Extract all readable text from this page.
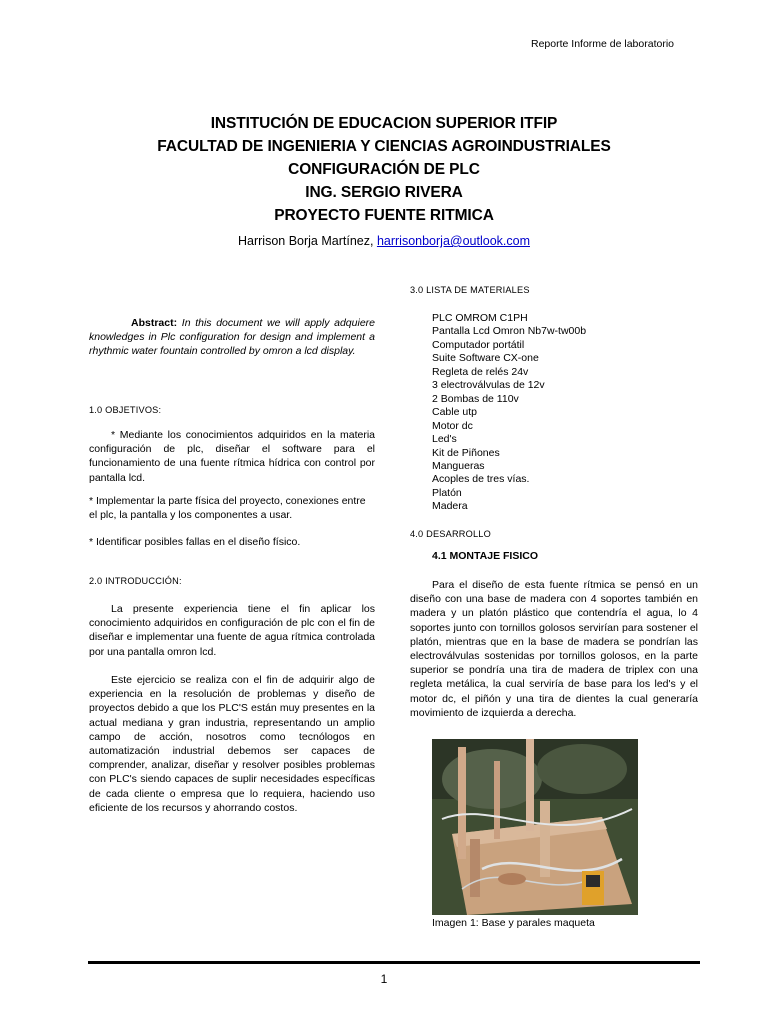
Reporte Informe de laboratorio
INSTITUCIÓN DE EDUCACION SUPERIOR ITFIP
FACULTAD DE INGENIERIA Y CIENCIAS AGROINDUSTRIALES
CONFIGURACIÓN DE PLC
ING. SERGIO RIVERA
PROYECTO FUENTE RITMICA
Harrison Borja Martínez, harrisonborja@outlook.com

Abstract: In this document we will apply adquiere knowledges in Plc configuration for design and implement a rhythmic water fountain controlled by omron a lcd display.

1.0 OBJETIVOS:

* Mediante los conocimientos adquiridos en la materia configuración de plc, diseñar el software para el funcionamiento de una fuente rítmica hídrica con control por pantalla lcd.

* Implementar la parte física del proyecto, conexiones entre el plc, la pantalla y los componentes a usar.

* Identificar posibles fallas en el diseño físico.

2.0 INTRODUCCIÓN:

La presente experiencia tiene el fin aplicar los conocimiento adquiridos en configuración de plc con el fin de diseñar e implementar una fuente de agua rítmica controlada por una pantalla omron lcd.

Este ejercicio se realiza con el fin de adquirir algo de experiencia en la resolución de problemas y diseño de proyectos debido a que los PLC'S están muy presentes en la actual mediana y gran industria, representando un amplio campo de acción, nosotros como tecnólogos en automatización industrial debemos ser capaces de comprender, analizar, diseñar y resolver posibles problemas con PLC's siendo capaces de suplir necesidades específicas de cada cliente o empresa que lo requiera, haciendo uso eficiente de los recursos y ahorrando costos.

3.0 LISTA DE MATERIALES
PLC OMROM C1PH
Pantalla Lcd Omron Nb7w-tw00b
Computador portátil
Suite Software CX-one
Regleta de relés 24v
3 electroválvulas de 12v
2 Bombas de 110v
Cable utp
Motor dc
Led's
Kit de Piñones
Mangueras
Acoples de tres vías.
Platón
Madera
4.0 DESARROLLO
4.1 MONTAJE FISICO

Para el diseño de esta fuente rítmica se pensó en un diseño con una base de madera con 4 soportes también en madera y un platón plástico que contendría el agua, lo 4 soportes junto con tornillos golosos servirían para sostener el platón, mientras que en la base de madera se pondrían las electroválvulas sostenidas por tornillos golosos, en la parte superior se pondría una tira de madera de triplex con una regleta metálica, la cual serviría de base para los led's y el motor dc, el piñón y una tira de dientes la cual generaría movimiento de izquierda a derecha.

Imagen 1: Base y parales maqueta
1
